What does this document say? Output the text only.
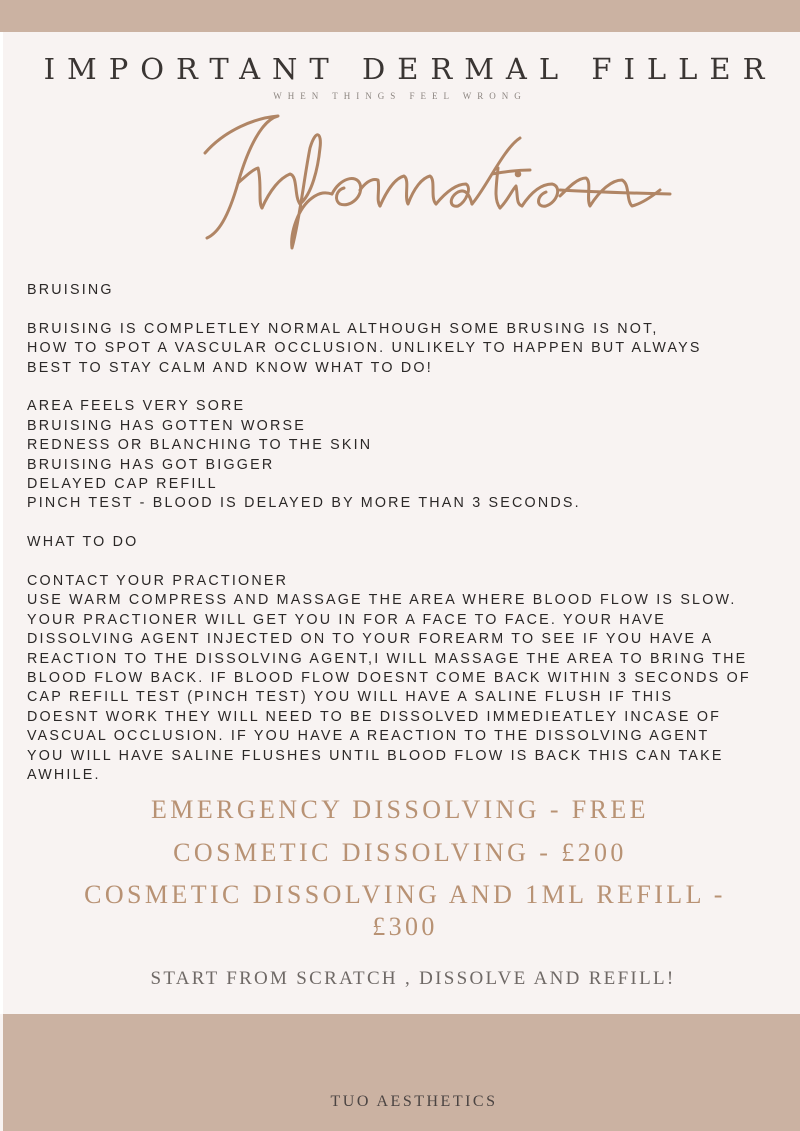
IMPORTANT DERMAL FILLER
WHEN THINGS FEEL WRONG
BRUISING
BRUISING IS COMPLETLEY NORMAL ALTHOUGH SOME BRUSING IS NOT,
HOW TO SPOT A VASCULAR OCCLUSION. UNLIKELY TO HAPPEN BUT ALWAYS
BEST TO STAY CALM AND KNOW WHAT TO DO!
AREA FEELS VERY SORE
BRUISING HAS GOTTEN WORSE
REDNESS OR BLANCHING TO THE SKIN
BRUISING HAS GOT BIGGER
DELAYED CAP REFILL
PINCH TEST - BLOOD IS DELAYED BY MORE THAN 3 SECONDS.
WHAT TO DO
CONTACT YOUR PRACTIONER
USE WARM COMPRESS AND MASSAGE THE AREA WHERE BLOOD FLOW IS SLOW.
YOUR PRACTIONER WILL GET YOU IN FOR A FACE TO FACE. YOUR HAVE
DISSOLVING AGENT INJECTED ON TO YOUR FOREARM TO SEE IF YOU HAVE A
REACTION TO THE DISSOLVING AGENT,I WILL MASSAGE THE AREA TO BRING THE
BLOOD FLOW BACK. IF BLOOD FLOW DOESNT COME BACK WITHIN 3 SECONDS OF
CAP REFILL TEST (PINCH TEST) YOU WILL HAVE A SALINE FLUSH IF THIS
DOESNT WORK THEY WILL NEED TO BE DISSOLVED IMMEDIEATLEY INCASE OF
VASCUAL OCCLUSION. IF YOU HAVE A REACTION TO THE DISSOLVING AGENT
YOU WILL HAVE SALINE FLUSHES UNTIL BLOOD FLOW IS BACK THIS CAN TAKE
AWHILE.
EMERGENCY DISSOLVING - FREE
COSMETIC DISSOLVING - £200
COSMETIC DISSOLVING AND 1ML REFILL -
£300
START FROM SCRATCH , DISSOLVE AND REFILL!
TUO AESTHETICS
